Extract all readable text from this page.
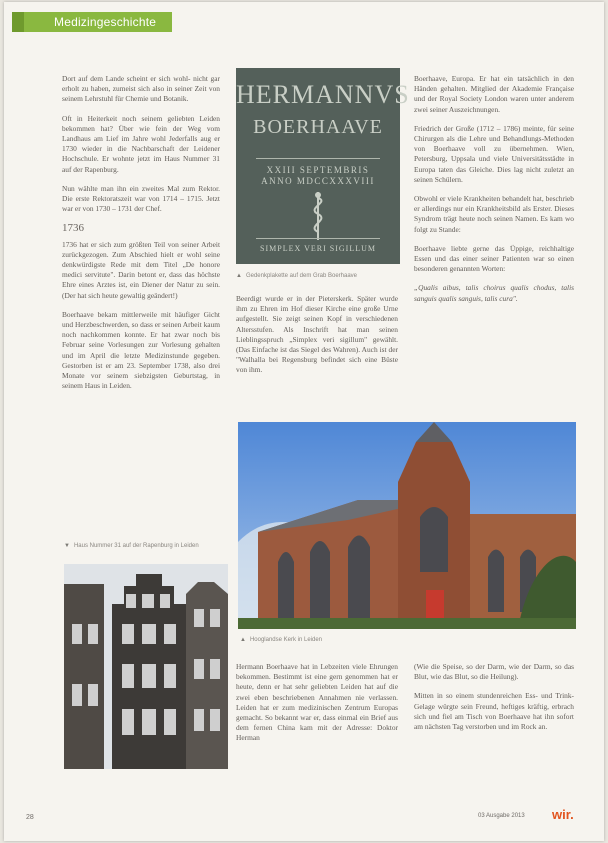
Medizingeschichte

Dort auf dem Lande scheint er sich wohl- nicht gar erholt zu haben, zumeist sich also in seiner Zeit von seinem Lehrstuhl für Chemie und Botanik.

Oft in Heiterkeit noch seinem geliebten Leiden bekommen hat? Über wie fein der Weg vom Landhaus am Lief im Jahre wohl Jederfalls aug er 1730 wieder in die Nachbarschaft der Leidener Hochschule. Er wohnte jetzt im Haus Nummer 31 auf der Rapenburg.

Nun wählte man ihn ein zweites Mal zum Rektor. Die erste Rektoratszeit war von 1714 – 1715. Jetzt war er von 1730 – 1731 der Chef.

1736

1736 hat er sich zum größten Teil von seiner Arbeit zurückgezogen. Zum Abschied hielt er wohl seine denkwürdigste Rede mit dem Titel „De honore medici servitute". Darin betont er, dass das höchste Ehre eines Arztes ist, ein Diener der Natur zu sein. (Der hat sich heute gewaltig geändert!)

Boerhaave bekam mittlerweile mit häufiger Gicht und Herzbeschwerden, so dass er seinen Arbeit kaum noch nachkommen konnte. Er hat zwar noch bis Februar seine Vorlesungen zur Vorlesung gehalten und im April die letzte Medizinstunde gegeben. Gestorben ist er am 23. September 1738, also drei Monate vor seinem siebzigsten Geburtstag, in seinem Haus in Leiden.

HERMANNVS
BOERHAAVE
XXIII SEPTEMBRIS
ANNO MDCCXXXVIII
SIMPLEX VERI SIGILLUM
▲ Gedenkplakette auf dem Grab Boerhaave

Beerdigt wurde er in der Pieterskerk. Später wurde ihm zu Ehren im Hof dieser Kirche eine große Urne aufgestellt. Sie zeigt seinen Kopf in verschiedenen Altersstufen. Als Inschrift hat man seinen Lieblingsspruch „Simplex veri sigillum" gewählt. (Das Einfache ist das Siegel des Wahren). Auch ist der "Walhalla bei Regensburg befindet sich eine Büste von ihm.

Boerhaave, Europa. Er hat ein tatsächlich in den Händen gehalten. Mitglied der Akademie Française und der Royal Society London waren unter anderem zwei seiner Auszeichnungen.

Friedrich der Große (1712 – 1786) meinte, für seine Chirurgen als die Lehre und Behandlungs-Methoden von Boerhaave voll zu übernehmen. Wien, Petersburg, Uppsala und viele Universitätsstädte in Europa taten das Gleiche. Dies lag nicht zuletzt an seinen Schülern.

Obwohl er viele Krankheiten behandelt hat, beschrieb er allerdings nur ein Krankheitsbild als Erster. Dieses Syndrom trägt heute noch seinen Namen. Es kam wo folgt zu Stande:

Boerhaave liebte gerne das Üppige, reichhaltige Essen und das einer seiner Patienten war so einen besonderen genannten Worten:

„Qualis aibus, talis choirus qualis chodus, talis sanguis qualis sanguis, talis cura".

▼ Haus Nummer 31 auf der Rapenburg in Leiden
▲ Hooglandse Kerk in Leiden

Hermann Boerhaave hat in Lebzeiten viele Ehrungen bekommen. Bestimmt ist eine gern genommen hat er heute, denn er hat sehr geliebten Leiden hat auf die zwei eben beschriebenen Annahmen nie verlassen. Leiden hat er zum medizinischen Zentrum Europas gemacht. So bekannt war er, dass einmal ein Brief aus dem fernen China kam mit der Adresse: Doktor Herman

(Wie die Speise, so der Darm, wie der Darm, so das Blut, wie das Blut, so die Heilung).

Mitten in so einem stundenreichen Ess- und Trink-Gelage würgte sein Freund, heftiges kräftig, erbrach sich und fiel am Tisch von Boerhaave hat ihn sofort am nächsten Tag verstorben und im Rock an.

28	03 Ausgabe 2013 wir.
